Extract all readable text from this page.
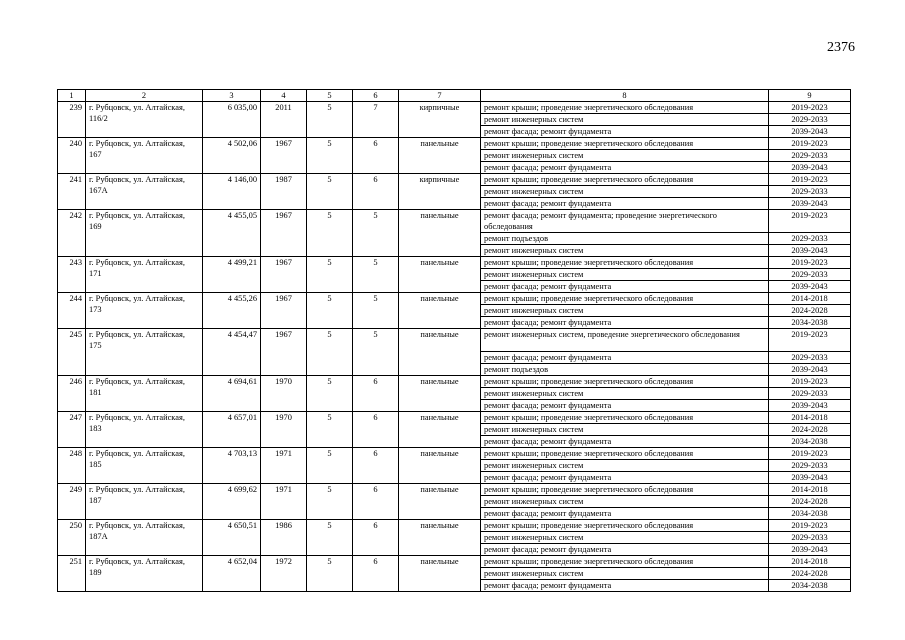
2376
1	2	3	4	5	6	7	8	9
239	г. Рубцовск, ул. Алтайская, 116/2	6 035,00	2011	5	7	кирпичные	ремонт крыши; проведение энергетического обследования	2019-2023
							ремонт инженерных систем	2029-2033
							ремонт фасада; ремонт фундамента	2039-2043
240	г. Рубцовск, ул. Алтайская, 167	4 502,06	1967	5	6	панельные	ремонт крыши; проведение энергетического обследования	2019-2023
							ремонт инженерных систем	2029-2033
							ремонт фасада; ремонт фундамента	2039-2043
241	г. Рубцовск, ул. Алтайская, 167А	4 146,00	1987	5	6	кирпичные	ремонт крыши; проведение энергетического обследования	2019-2023
							ремонт инженерных систем	2029-2033
							ремонт фасада; ремонт фундамента	2039-2043
242	г. Рубцовск, ул. Алтайская, 169	4 455,05	1967	5	5	панельные	ремонт фасада; ремонт фундамента; проведение энергетического обследования	2019-2023
							ремонт подъездов	2029-2033
							ремонт инженерных систем	2039-2043
243	г. Рубцовск, ул. Алтайская, 171	4 499,21	1967	5	5	панельные	ремонт крыши; проведение энергетического обследования	2019-2023
							ремонт инженерных систем	2029-2033
							ремонт фасада; ремонт фундамента	2039-2043
244	г. Рубцовск, ул. Алтайская, 173	4 455,26	1967	5	5	панельные	ремонт крыши; проведение энергетического обследования	2014-2018
							ремонт инженерных систем	2024-2028
							ремонт фасада; ремонт фундамента	2034-2038
245	г. Рубцовск, ул. Алтайская, 175	4 454,47	1967	5	5	панельные	ремонт инженерных систем, проведение энергетического обследования	2019-2023
							ремонт фасада; ремонт фундамента	2029-2033
							ремонт подъездов	2039-2043
246	г. Рубцовск, ул. Алтайская, 181	4 694,61	1970	5	6	панельные	ремонт крыши; проведение энергетического обследования	2019-2023
							ремонт инженерных систем	2029-2033
							ремонт фасада; ремонт фундамента	2039-2043
247	г. Рубцовск, ул. Алтайская, 183	4 657,01	1970	5	6	панельные	ремонт крыши; проведение энергетического обследования	2014-2018
							ремонт инженерных систем	2024-2028
							ремонт фасада; ремонт фундамента	2034-2038
248	г. Рубцовск, ул. Алтайская, 185	4 703,13	1971	5	6	панельные	ремонт крыши; проведение энергетического обследования	2019-2023
							ремонт инженерных систем	2029-2033
							ремонт фасада; ремонт фундамента	2039-2043
249	г. Рубцовск, ул. Алтайская, 187	4 699,62	1971	5	6	панельные	ремонт крыши; проведение энергетического обследования	2014-2018
							ремонт инженерных систем	2024-2028
							ремонт фасада; ремонт фундамента	2034-2038
250	г. Рубцовск, ул. Алтайская, 187А	4 650,51	1986	5	6	панельные	ремонт крыши; проведение энергетического обследования	2019-2023
							ремонт инженерных систем	2029-2033
							ремонт фасада; ремонт фундамента	2039-2043
251	г. Рубцовск, ул. Алтайская, 189	4 652,04	1972	5	6	панельные	ремонт крыши; проведение энергетического обследования	2014-2018
							ремонт инженерных систем	2024-2028
							ремонт фасада; ремонт фундамента	2034-2038
